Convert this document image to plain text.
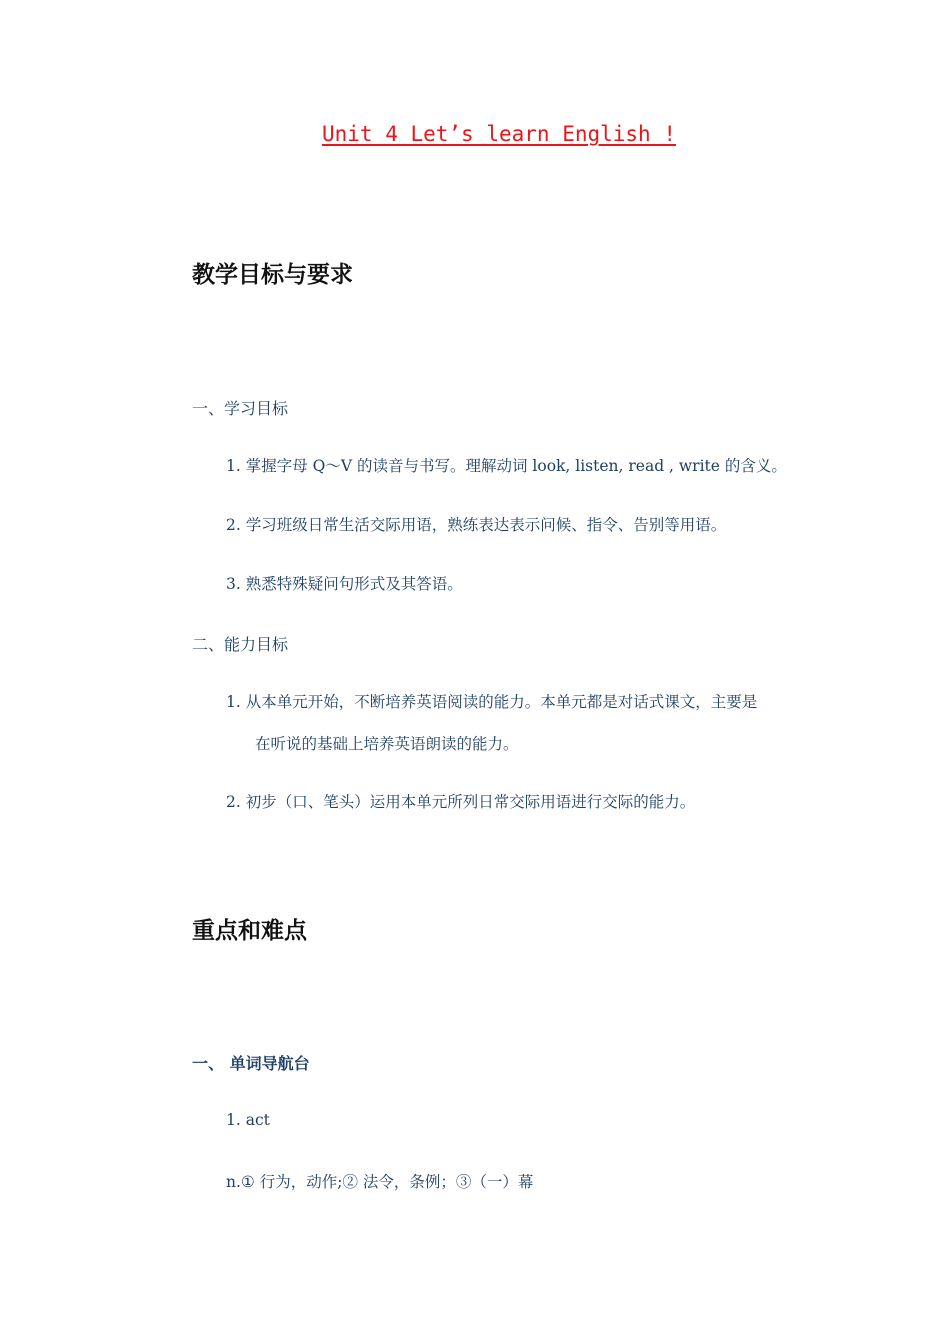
Unit 4 Let’s learn English !
教学目标与要求
一、学习目标
1. 掌握字母 Q～V 的读音与书写。理解动词 look, listen, read , write 的含义。
2. 学习班级日常生活交际用语，熟练表达表示问候、指令、告别等用语。
3. 熟悉特殊疑问句形式及其答语。
二、能力目标
1. 从本单元开始，不断培养英语阅读的能力。本单元都是对话式课文，主要是
在听说的基础上培养英语朗读的能力。
2. 初步（口、笔头）运用本单元所列日常交际用语进行交际的能力。
重点和难点
一、 单词导航台
1. act
n.① 行为，动作;② 法令，条例；③（一）幕
